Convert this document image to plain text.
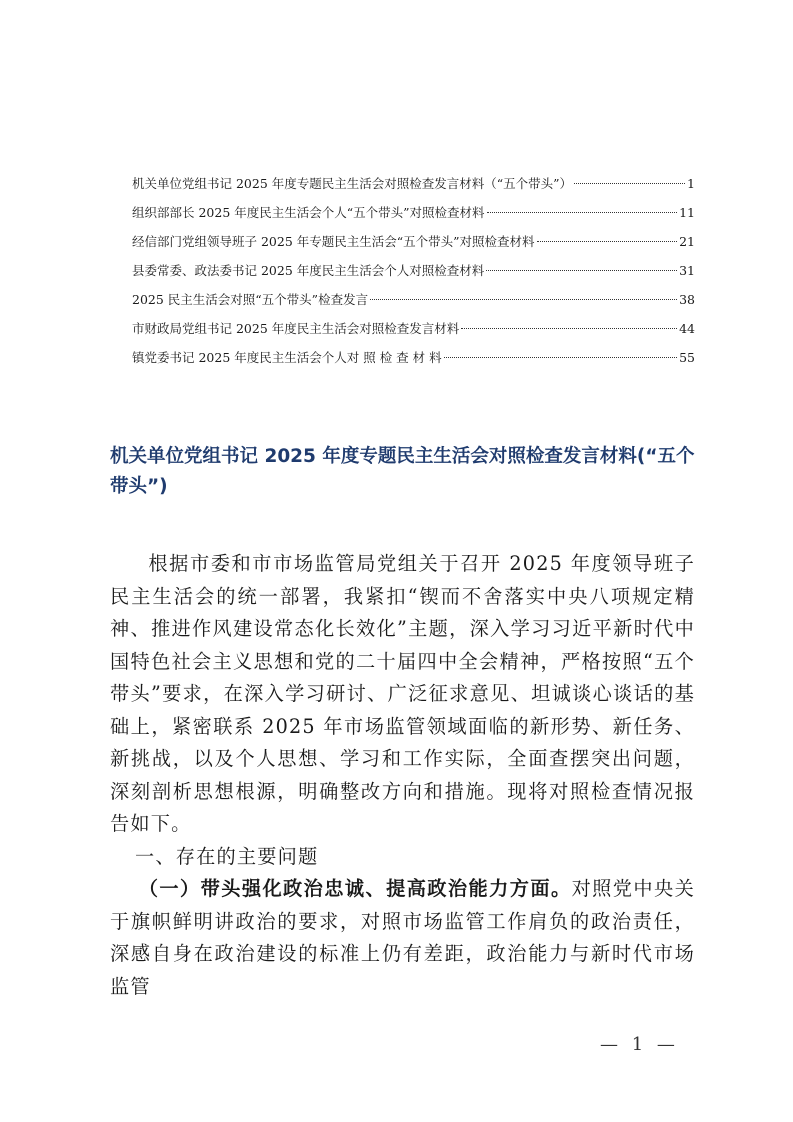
机关单位党组书记 2025 年度专题民主生活会对照检查发言材料（“五个带头”）	1
组织部部长 2025 年度民主生活会个人“五个带头”对照检查材料	11
经信部门党组领导班子 2025 年专题民主生活会“五个带头”对照检查材料	21
县委常委、政法委书记 2025 年度民主生活会个人对照检查材料	31
2025 民主生活会对照“五个带头”检查发言	38
市财政局党组书记 2025 年度民主生活会对照检查发言材料	44
镇党委书记 2025 年度民主生活会个人对 照 检 查 材 料	55
机关单位党组书记 2025 年度专题民主生活会对照检查发言材料(“五个带头”)

根据市委和市市场监管局党组关于召开 2025 年度领导班子民主生活会的统一部署，我紧扣“锲而不舍落实中央八项规定精神、推进作风建设常态化长效化”主题，深入学习习近平新时代中国特色社会主义思想和党的二十届四中全会精神，严格按照“五个带头”要求，在深入学习研讨、广泛征求意见、坦诚谈心谈话的基础上，紧密联系 2025 年市场监管领域面临的新形势、新任务、新挑战，以及个人思想、学习和工作实际，全面查摆突出问题，深刻剖析思想根源，明确整改方向和措施。现将对照检查情况报告如下。

一、存在的主要问题

（一）带头强化政治忠诚、提高政治能力方面。对照党中央关于旗帜鲜明讲政治的要求，对照市场监管工作肩负的政治责任，深感自身在政治建设的标准上仍有差距，政治能力与新时代市场监管

— 1 —
